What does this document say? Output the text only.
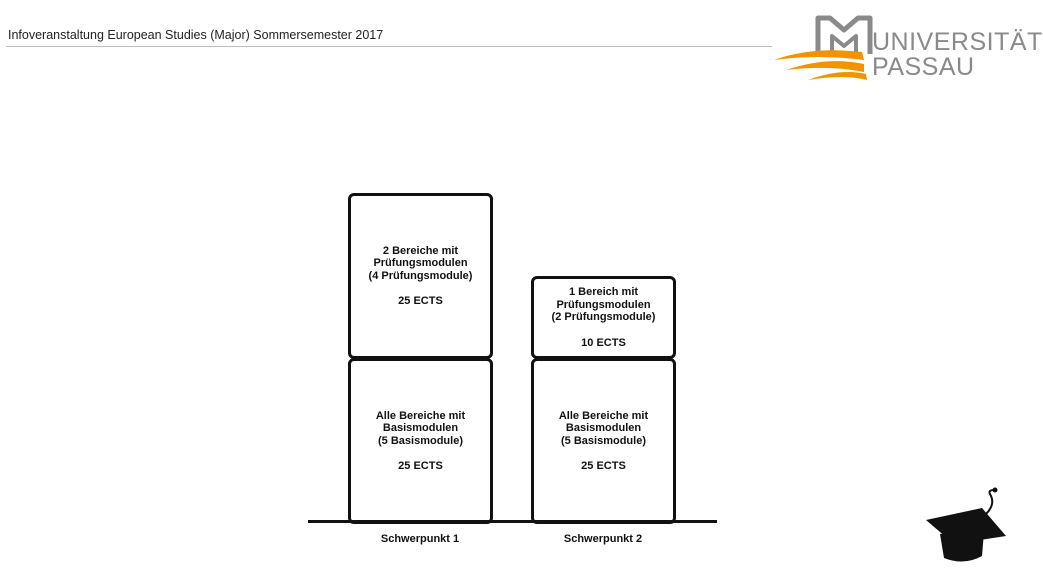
Infoveranstaltung European Studies (Major) Sommersemester 2017	UNIVERSITÄT
PASSAU
2 Bereiche mit
Prüfungsmodulen
(4 Prüfungsmodule)
25 ECTS
Alle Bereiche mit
Basismodulen
(5 Basismodule)
25 ECTS
1 Bereich mit
Prüfungsmodulen
(2 Prüfungsmodule)
10 ECTS
Alle Bereiche mit
Basismodulen
(5 Basismodule)
25 ECTS
Schwerpunkt 1	Schwerpunkt 2
